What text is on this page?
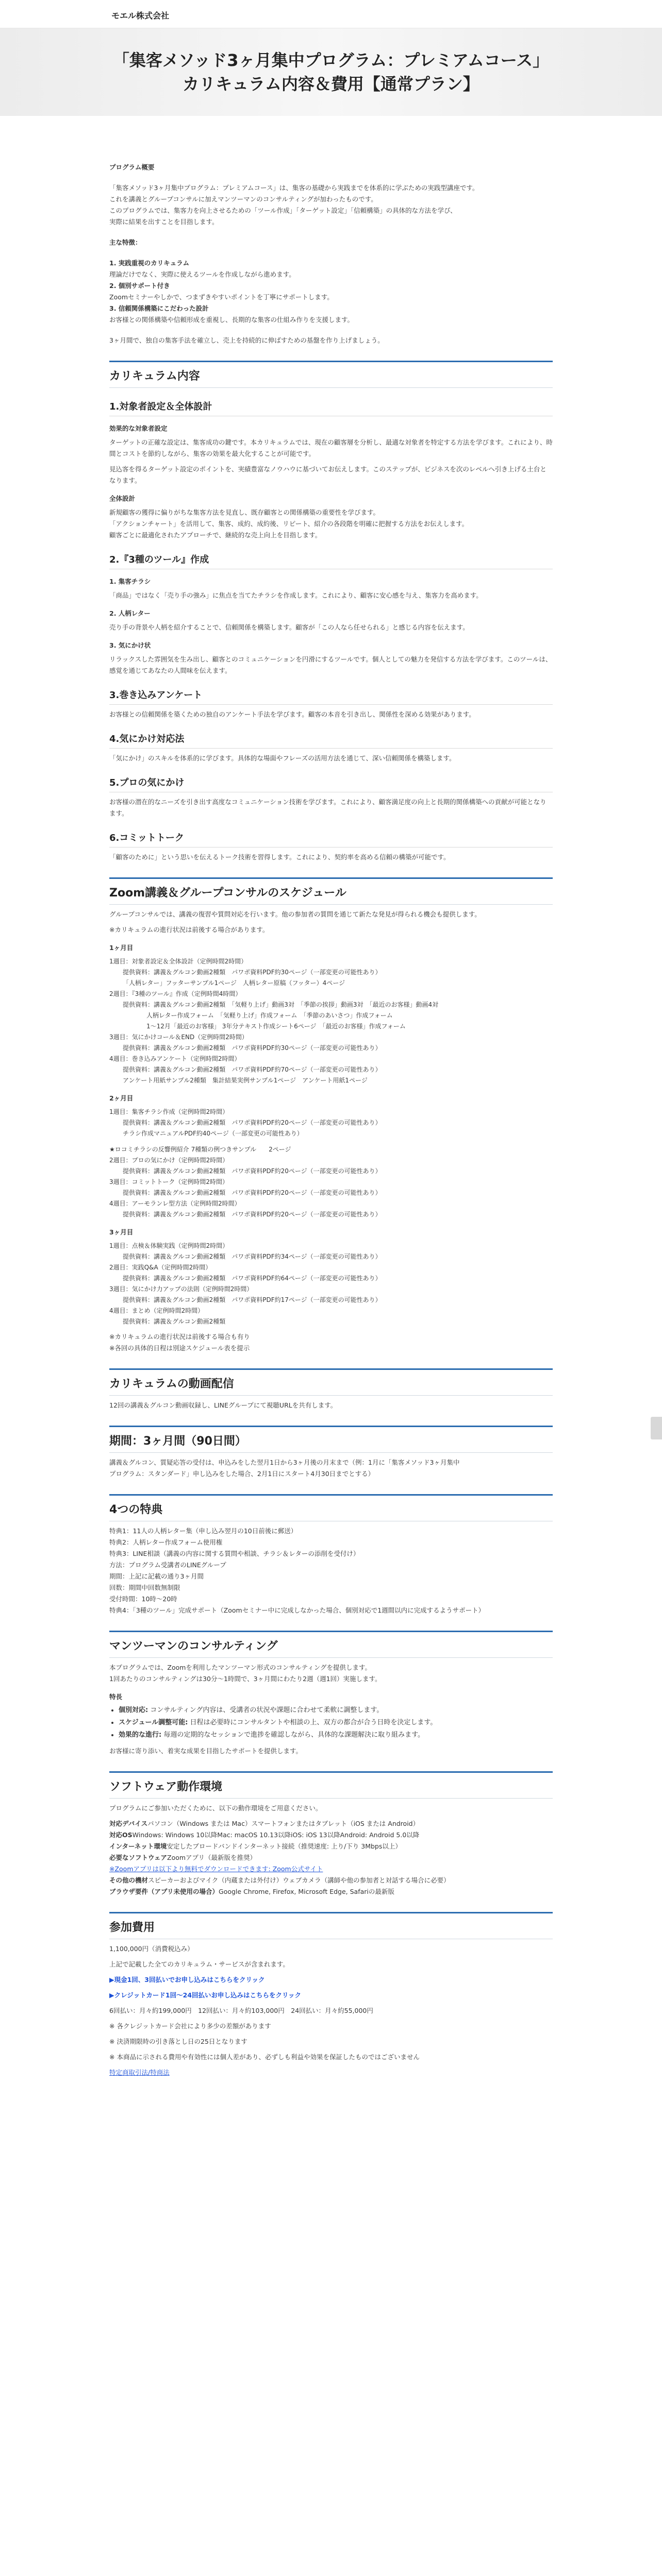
モエル株式会社
「集客メソッド3ヶ月集中プログラム：プレミアムコース」
カリキュラム内容＆費用【通常プラン】

プログラム概要

「集客メソッド3ヶ月集中プログラム：プレミアムコース」は、集客の基礎から実践までを体系的に学ぶための実践型講座です。

これを講義とグループコンサルに加えマンツーマンのコンサルティングが加わったものです。

このプログラムでは、集客力を向上させるための「ツール作成」「ターゲット設定」「信頼構築」の具体的な方法を学び、

実際に結果を出すことを目指します。

主な特徴：

1. 実践重視のカリキュラム

理論だけでなく、実際に使えるツールを作成しながら進めます。

2. 個別サポート付き

Zoomセミナーやしかで、つまずきやすいポイントを丁寧にサポートします。

3. 信頼関係構築にこだわった設計

お客様との関係構築や信頼形成を重視し、長期的な集客の仕組み作りを支援します。

3ヶ月間で、独自の集客手法を確立し、売上を持続的に伸ばすための基盤を作り上げましょう。

カリキュラム内容
1.対象者設定＆全体設計
効果的な対象者設定
ターゲットの正確な設定は、集客成功の鍵です。本カリキュラムでは、現在の顧客層を分析し、最適な対象者を特定する方法を学びます。これにより、時間とコストを節約しながら、集客の効果を最大化することが可能です。
見込客を得るターゲット設定のポイントを、実績豊富なノウハウに基づいてお伝えします。このステップが、ビジネスを次のレベルへ引き上げる土台となります。
全体設計
新規顧客の獲得に偏りがちな集客方法を見直し、既存顧客との関係構築の重要性を学びます。
「アクションチャート」を活用して、集客、成約、成約後、リピート、紹介の各段階を明確に把握する方法をお伝えします。
顧客ごとに最適化されたアプローチで、継続的な売上向上を目指します。
2.『3種のツール』作成
1. 集客チラシ
「商品」ではなく「売り手の強み」に焦点を当てたチラシを作成します。これにより、顧客に安心感を与え、集客力を高めます。
2. 人柄レター
売り手の背景や人柄を紹介することで、信頼関係を構築します。顧客が「この人なら任せられる」と感じる内容を伝えます。
3. 気にかけ状
リラックスした雰囲気を生み出し、顧客とのコミュニケーションを円滑にするツールです。個人としての魅力を発信する方法を学びます。このツールは、感覚を通じてあなたの人間味を伝えます。
3.巻き込みアンケート
お客様との信頼関係を築くための独自のアンケート手法を学びます。顧客の本音を引き出し、関係性を深める効果があります。
4.気にかけ対応法
「気にかけ」のスキルを体系的に学びます。具体的な場面やフレーズの活用方法を通じて、深い信頼関係を構築します。
5.プロの気にかけ
お客様の潜在的なニーズを引き出す高度なコミュニケーション技術を学びます。これにより、顧客満足度の向上と長期的関係構築への貢献が可能となります。
6.コミットトーク
「顧客のために」という思いを伝えるトーク技術を習得します。これにより、契約率を高める信頼の構築が可能です。
Zoom講義＆グループコンサルのスケジュール
グループコンサルでは、講義の復習や質問対応を行います。他の参加者の質問を通じて新たな発見が得られる機会も提供します。
※カリキュラムの進行状況は前後する場合があります。
1ヶ月目
1週目：対象者設定＆全体設計（定例時間2時間）
提供資料：講義＆グルコン動画2種類　パワポ資料PDF約30ページ（一部変更の可能性あり）
「人柄レター」フッターサンプル1ページ　人柄レター原稿（フッター）4ページ
2週目：『3種のツール』作成（定例時間4時間）
提供資料：講義＆グルコン動画2種類　「気軽り上げ」動画3対　「季節の挨拶」動画3対　「最近のお客様」動画4対
人柄レター作成フォーム　「気軽り上げ」作成フォーム　「季節のあいさつ」作成フォーム
1〜12月「最近のお客様」 3年分テキスト作成シート6ページ　「最近のお客様」作成フォーム
3週目：気にかけコール＆END（定例時間2時間）
提供資料：講義＆グルコン動画2種類　パワポ資料PDF約30ページ（一部変更の可能性あり）
4週目：巻き込みアンケート（定例時間2時間）
提供資料：講義＆グルコン動画2種類　パワポ資料PDF約70ページ（一部変更の可能性あり）
アンケート用紙サンプル2種類　集計結果実例サンプル1ページ　アンケート用紙1ページ
2ヶ月目
1週目：集客チラシ作成（定例時間2時間）
提供資料：講義＆グルコン動画2種類　パワポ資料PDF約20ページ（一部変更の可能性あり）
チラシ作成マニュアルPDF約40ページ（一部変更の可能性あり）
★ロコミチラシの反響例紹介 7種類の例つきサンプル　　2ページ
2週目：プロの気にかけ（定例時間2時間）
提供資料：講義＆グルコン動画2種類　パワポ資料PDF約20ページ（一部変更の可能性あり）
3週目：コミットトーク（定例時間2時間）
提供資料：講義＆グルコン動画2種類　パワポ資料PDF約20ページ（一部変更の可能性あり）
4週目：アーモランレ型方法（定例時間2時間）
提供資料：講義＆グルコン動画2種類　パワポ資料PDF約20ページ（一部変更の可能性あり）
3ヶ月目
1週目：点検＆体験実践（定例時間2時間）
提供資料：講義＆グルコン動画2種類　パワポ資料PDF約34ページ（一部変更の可能性あり）
2週目：実践Q&A（定例時間2時間）
提供資料：講義＆グルコン動画2種類　パワポ資料PDF約64ページ（一部変更の可能性あり）
3週目：気にかけ力アップの法則（定例時間2時間）
提供資料：講義＆グルコン動画2種類　パワポ資料PDF約17ページ（一部変更の可能性あり）
4週目：まとめ（定例時間2時間）
提供資料：講義＆グルコン動画2種類
※カリキュラムの進行状況は前後する場合も有り
※各回の具体的日程は別途スケジュール表を提示
カリキュラムの動画配信
12回の講義＆グルコン動画収録し、LINEグループにて視聴URLを共有します。
期間：3ヶ月間（90日間）
講義＆グルコン、質疑応答の受付は、申込みをした翌月1日から3ヶ月後の月末まで（例：1月に「集客メソッド3ヶ月集中
プログラム：スタンダード」申し込みをした場合、2月1日にスタート4月30日までとする）
4つの特典
特典1：11人の人柄レター集（申し込み翌月の10日前後に郵送）
特典2：人柄レター作成フォーム使用権
特典3：LINE相談（講義の内容に関する質問や相談、チラシ＆レターの添削を受付け）
方法：プログラム受講者のLINEグループ
期間：上記に記載の通り3ヶ月間
回数：期間中回数無制限
受付時間：10時〜20時
特典4：「3種のツール」完成サポート（Zoomセミナー中に完成しなかった場合、個別対応で1週間以内に完成するようサポート）
マンツーマンのコンサルティング
本プログラムでは、Zoomを利用したマンツーマン形式のコンサルティングを提供します。
1回あたりのコンサルティングは30分〜1時間で、3ヶ月間にわたり2週（週1回）実施します。
特長
• 個別対応: コンサルティング内容は、受講者の状況や課題に合わせて柔軟に調整します。
• スケジュール調整可能: 日程は必要時にコンサルタントや相談の上、双方の都合が合う日時を決定します。
• 効果的な進行: 毎週の定期的なセッションで進捗を確認しながら、具体的な課題解決に取り組みます。
お客様に寄り添い、着実な成果を目指したサポートを提供します。
ソフトウェア動作環境
プログラムにご参加いただくために、以下の動作環境をご用意ください。
対応デバイスパソコン（Windows または Mac）スマートフォンまたはタブレット（iOS または Android）
対応OSWindows: Windows 10以降Mac: macOS 10.13以降iOS: iOS 13以降Android: Android 5.0以降
インターネット環境安定したブロードバンドインターネット接続（推奨速度: 上り/下り 3Mbps以上）
必要なソフトウェアZoomアプリ（最新版を推奨）
※Zoomアプリは以下より無料でダウンロードできます: Zoom公式サイト
その他の機材スピーカーおよびマイク（内蔵または外付け）ウェブカメラ（講師や他の参加者と対話する場合に必要）
ブラウザ要件（アプリ未使用の場合）Google Chrome, Firefox, Microsoft Edge, Safariの最新版
参加費用
1,100,000円（消費税込み）
上記で記載した全てのカリキュラム・サービスが含まれます。
▶現金1回、3回払いでお申し込みはこちらをクリック
▶クレジットカード1回〜24回払いお申し込みはこちらをクリック
6回払い：月々約199,000円　12回払い：月々約103,000円　24回払い：月々約55,000円
※ 各クレジットカード会社により多少の差額があります
※ 決済期限時の引き落とし日の25日となります
※ 本商品に示される費用や有効性には個人差があり、必ずしも利益や効果を保証したものではございません
特定商取引法/特商法
